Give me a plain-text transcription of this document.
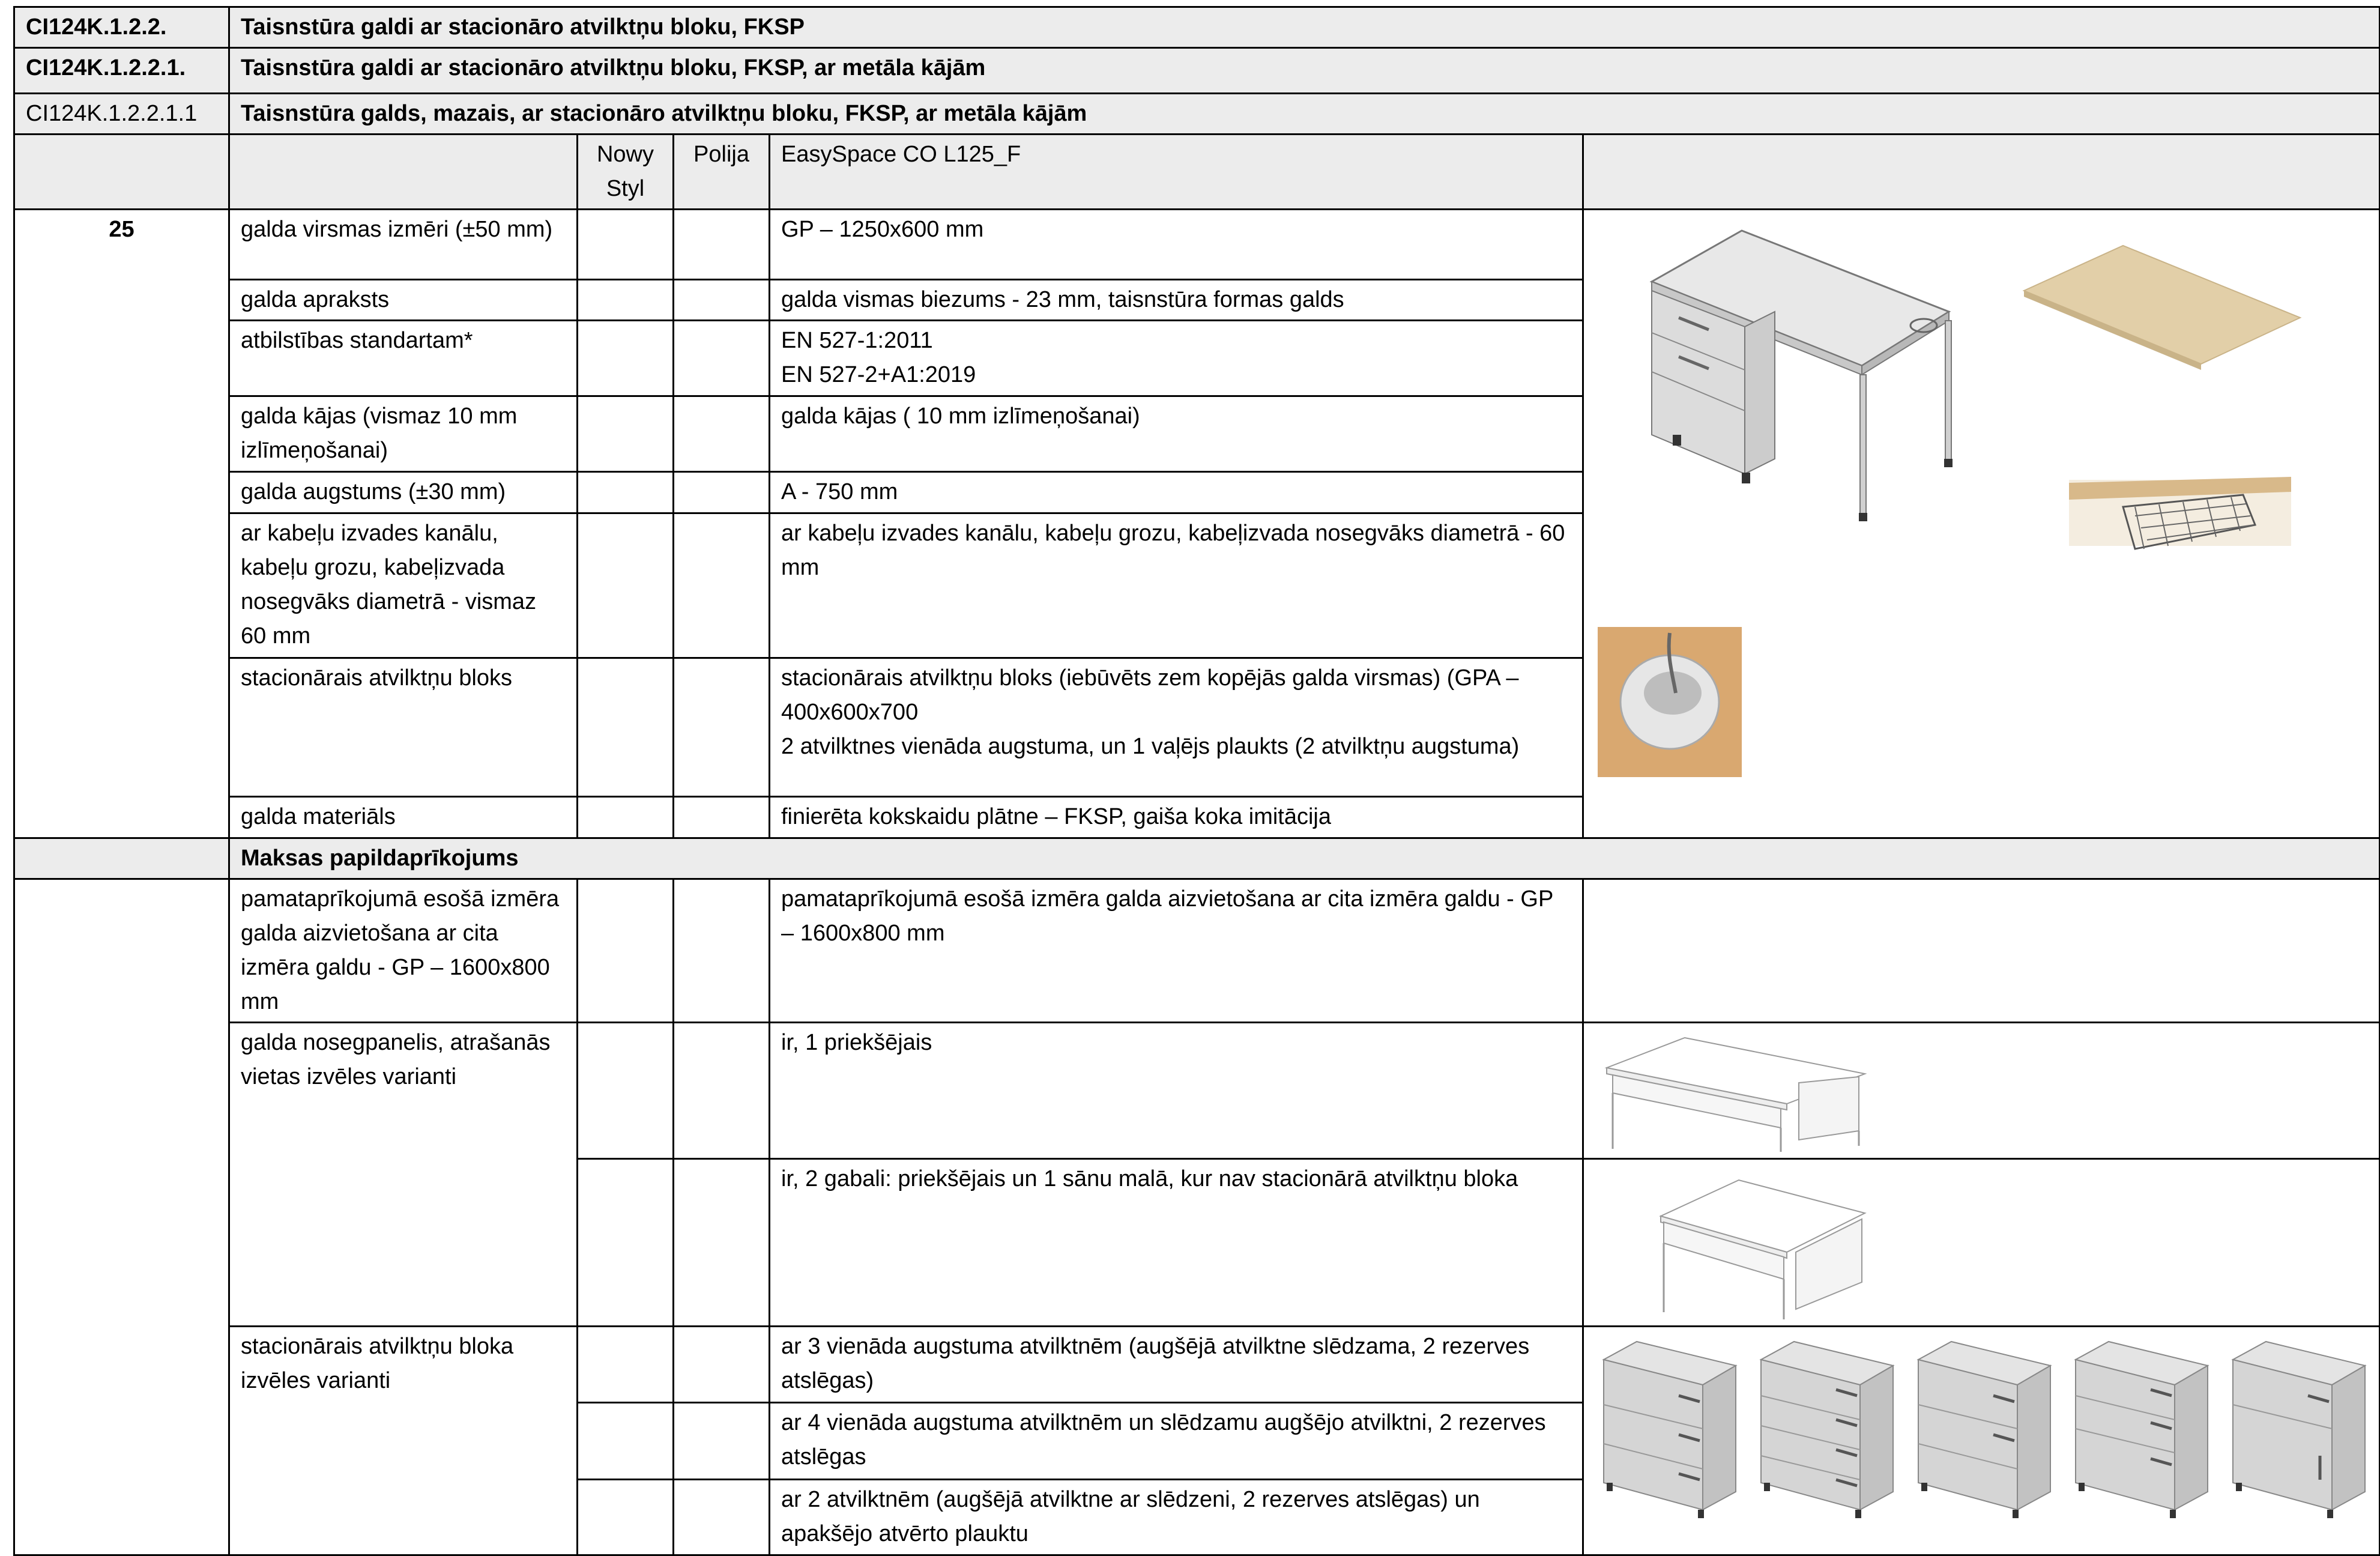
CI124K.1.2.2.	Taisnstūra galdi ar stacionāro atvilktņu bloku, FKSP				
CI124K.1.2.2.1.	Taisnstūra galdi ar stacionāro atvilktņu bloku, FKSP, ar metāla kājām				
CI124K.1.2.2.1.1	Taisnstūra galds, mazais, ar stacionāro atvilktņu bloku, FKSP, ar metāla kājām				
		Nowy Styl	Polija	EasySpace CO L125_F	
25	galda virsmas izmēri (±50 mm)			GP – 1250x600 mm	

	galda apraksts			galda vismas biezums - 23 mm, taisnstūra formas galds	
	atbilstības standartam*			EN 527-1:2011
EN 527-2+A1:2019	

	galda kājas (vismaz 10 mm izlīmeņošanai)			galda kājas ( 10 mm izlīmeņošanai)	
	galda augstums (±30 mm)			A - 750 mm	
	ar kabeļu izvades kanālu, kabeļu grozu, kabeļizvada nosegvāks diametrā - vismaz 60 mm			ar kabeļu izvades kanālu, kabeļu grozu, kabeļizvada nosegvāks diametrā - 60 mm	
	stacionārais atvilktņu bloks			stacionārais atvilktņu bloks (iebūvēts zem kopējās galda virsmas) (GPA – 400x600x700
2 atvilktnes vienāda augstuma, un 1 vaļējs plaukts (2 atvilktņu augstuma)	

	galda materiāls			finierēta kokskaidu plātne – FKSP, gaiša koka imitācija	
	Maksas papildaprīkojums				
	pamataprīkojumā esošā izmēra galda aizvietošana ar cita izmēra galdu - GP – 1600x800 mm			pamataprīkojumā esošā izmēra galda aizvietošana ar cita izmēra galdu - GP – 1600x800 mm	
	galda nosegpanelis, atrašanās vietas izvēles varianti			ir, 1 priekšējais	

				ir, 2 gabali: priekšējais un 1 sānu malā, kur nav stacionārā atvilktņu bloka	

	stacionārais atvilktņu bloka izvēles varianti			ar 3 vienāda augstuma atvilktnēm (augšējā atvilktne slēdzama, 2 rezerves atslēgas)	

				ar 4 vienāda augstuma atvilktnēm un slēdzamu augšējo atvilktni, 2 rezerves atslēgas	
				ar 2 atvilktnēm (augšējā atvilktne ar slēdzeni, 2 rezerves atslēgas) un apakšējo atvērto plauktu	
